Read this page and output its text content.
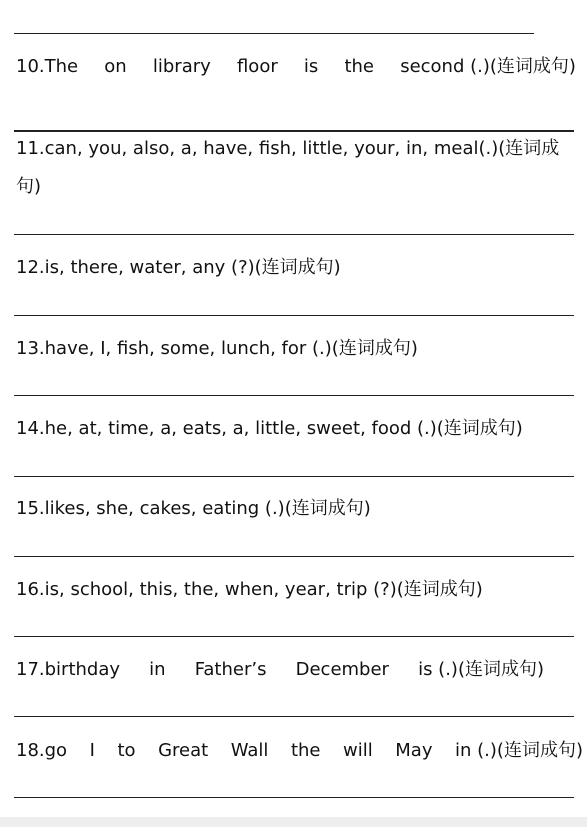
10.The on library floor is the second (.)(连词成句)
11.can, you, also, a, have, fish, little, your, in, meal(.)(连词成句)
12.is, there, water, any (?)(连词成句)
13.have, I, fish, some, lunch, for (.)(连词成句)
14.he, at, time, a, eats, a, little, sweet, food (.)(连词成句)
15.likes, she, cakes, eating (.)(连词成句)
16.is, school, this, the, when, year, trip (?)(连词成句)
17.birthday in Father’s December is (.)(连词成句)
18.go I to Great Wall the will May in (.)(连词成句)
